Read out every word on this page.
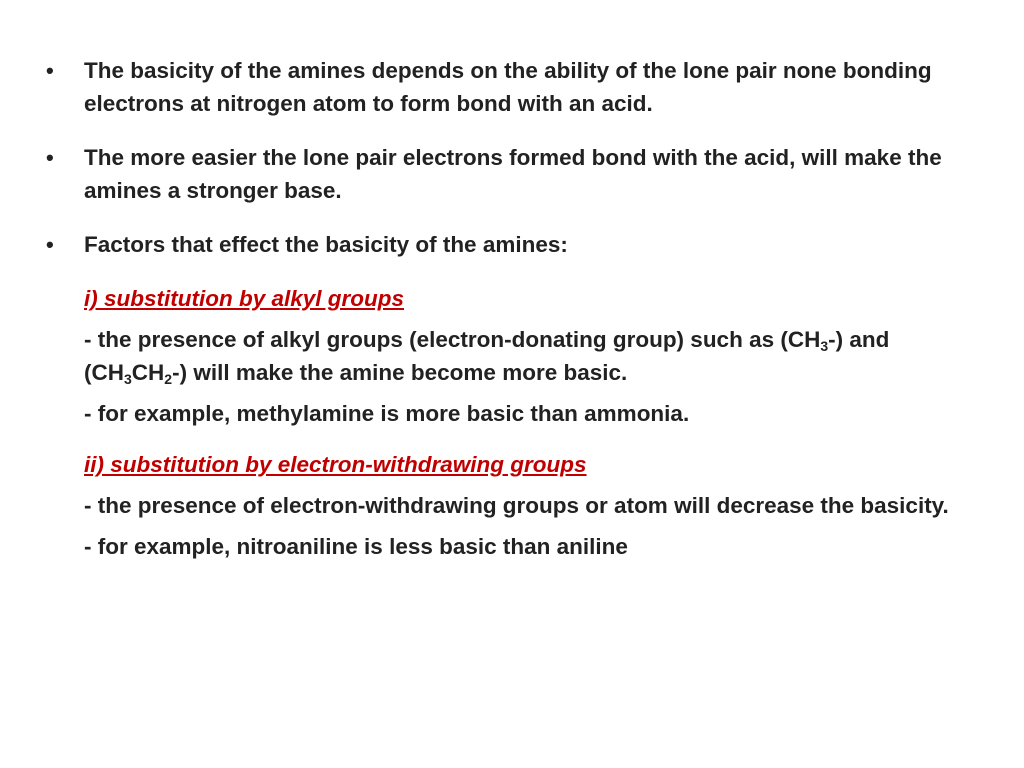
• The basicity of the amines depends on the ability of the lone pair none bonding electrons at nitrogen atom to form bond with an acid.
• The more easier the lone pair electrons formed bond with the acid, will make the amines a stronger base.
• Factors that effect the basicity of the amines:
i) substitution by alkyl groups
- the presence of alkyl groups (electron-donating group) such as $(CH_3-)$ and $(CH_3CH_2-)$ will make the amine become more basic.
- for example, methylamine is more basic than ammonia.
ii) substitution by electron-withdrawing groups
- the presence of electron-withdrawing groups or atom will decrease the basicity.
- for example, nitroaniline is less basic than aniline
